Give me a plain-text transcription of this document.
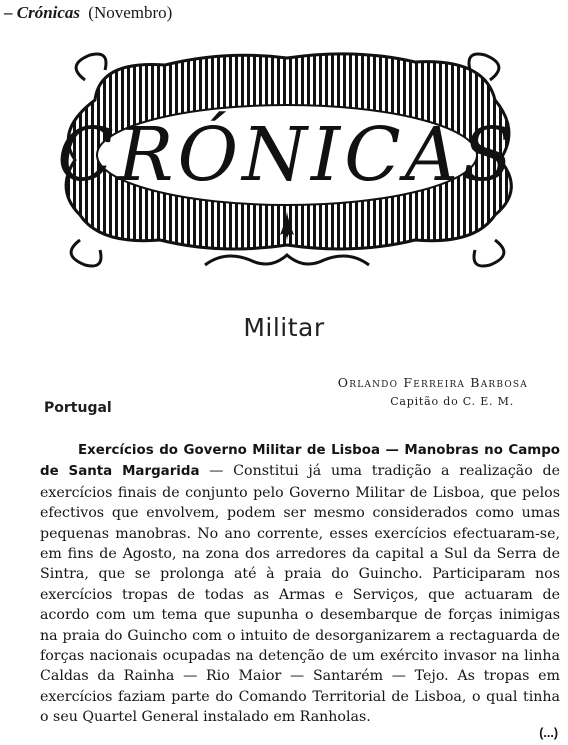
– Crónicas (Novembro)
CRÓNICAS
Militar
Orlando Ferreira Barbosa
Capitão do C. E. M.
Portugal

Exercícios do Governo Militar de Lisboa — Manobras no Campo de Santa Margarida — Constitui já uma tradição a realização de exercícios finais de conjunto pelo Governo Militar de Lisboa, que pelos efectivos que envolvem, podem ser mesmo considerados como umas pequenas manobras. No ano corrente, esses exercícios efectuaram-se, em fins de Agosto, na zona dos arredores da capital a Sul da Serra de Sintra, que se prolonga até à praia do Guincho. Participaram nos exercícios tropas de todas as Armas e Serviços, que actuaram de acordo com um tema que supunha o desembarque de forças inimigas na praia do Guincho com o intuito de desorganizarem a rectaguarda de forças nacionais ocupadas na detenção de um exército invasor na linha Caldas da Rainha — Rio Maior — Santarém — Tejo. As tropas em exercícios faziam parte do Comando Territorial de Lisboa, o qual tinha o seu Quartel General instalado em Ranholas.

(...)
